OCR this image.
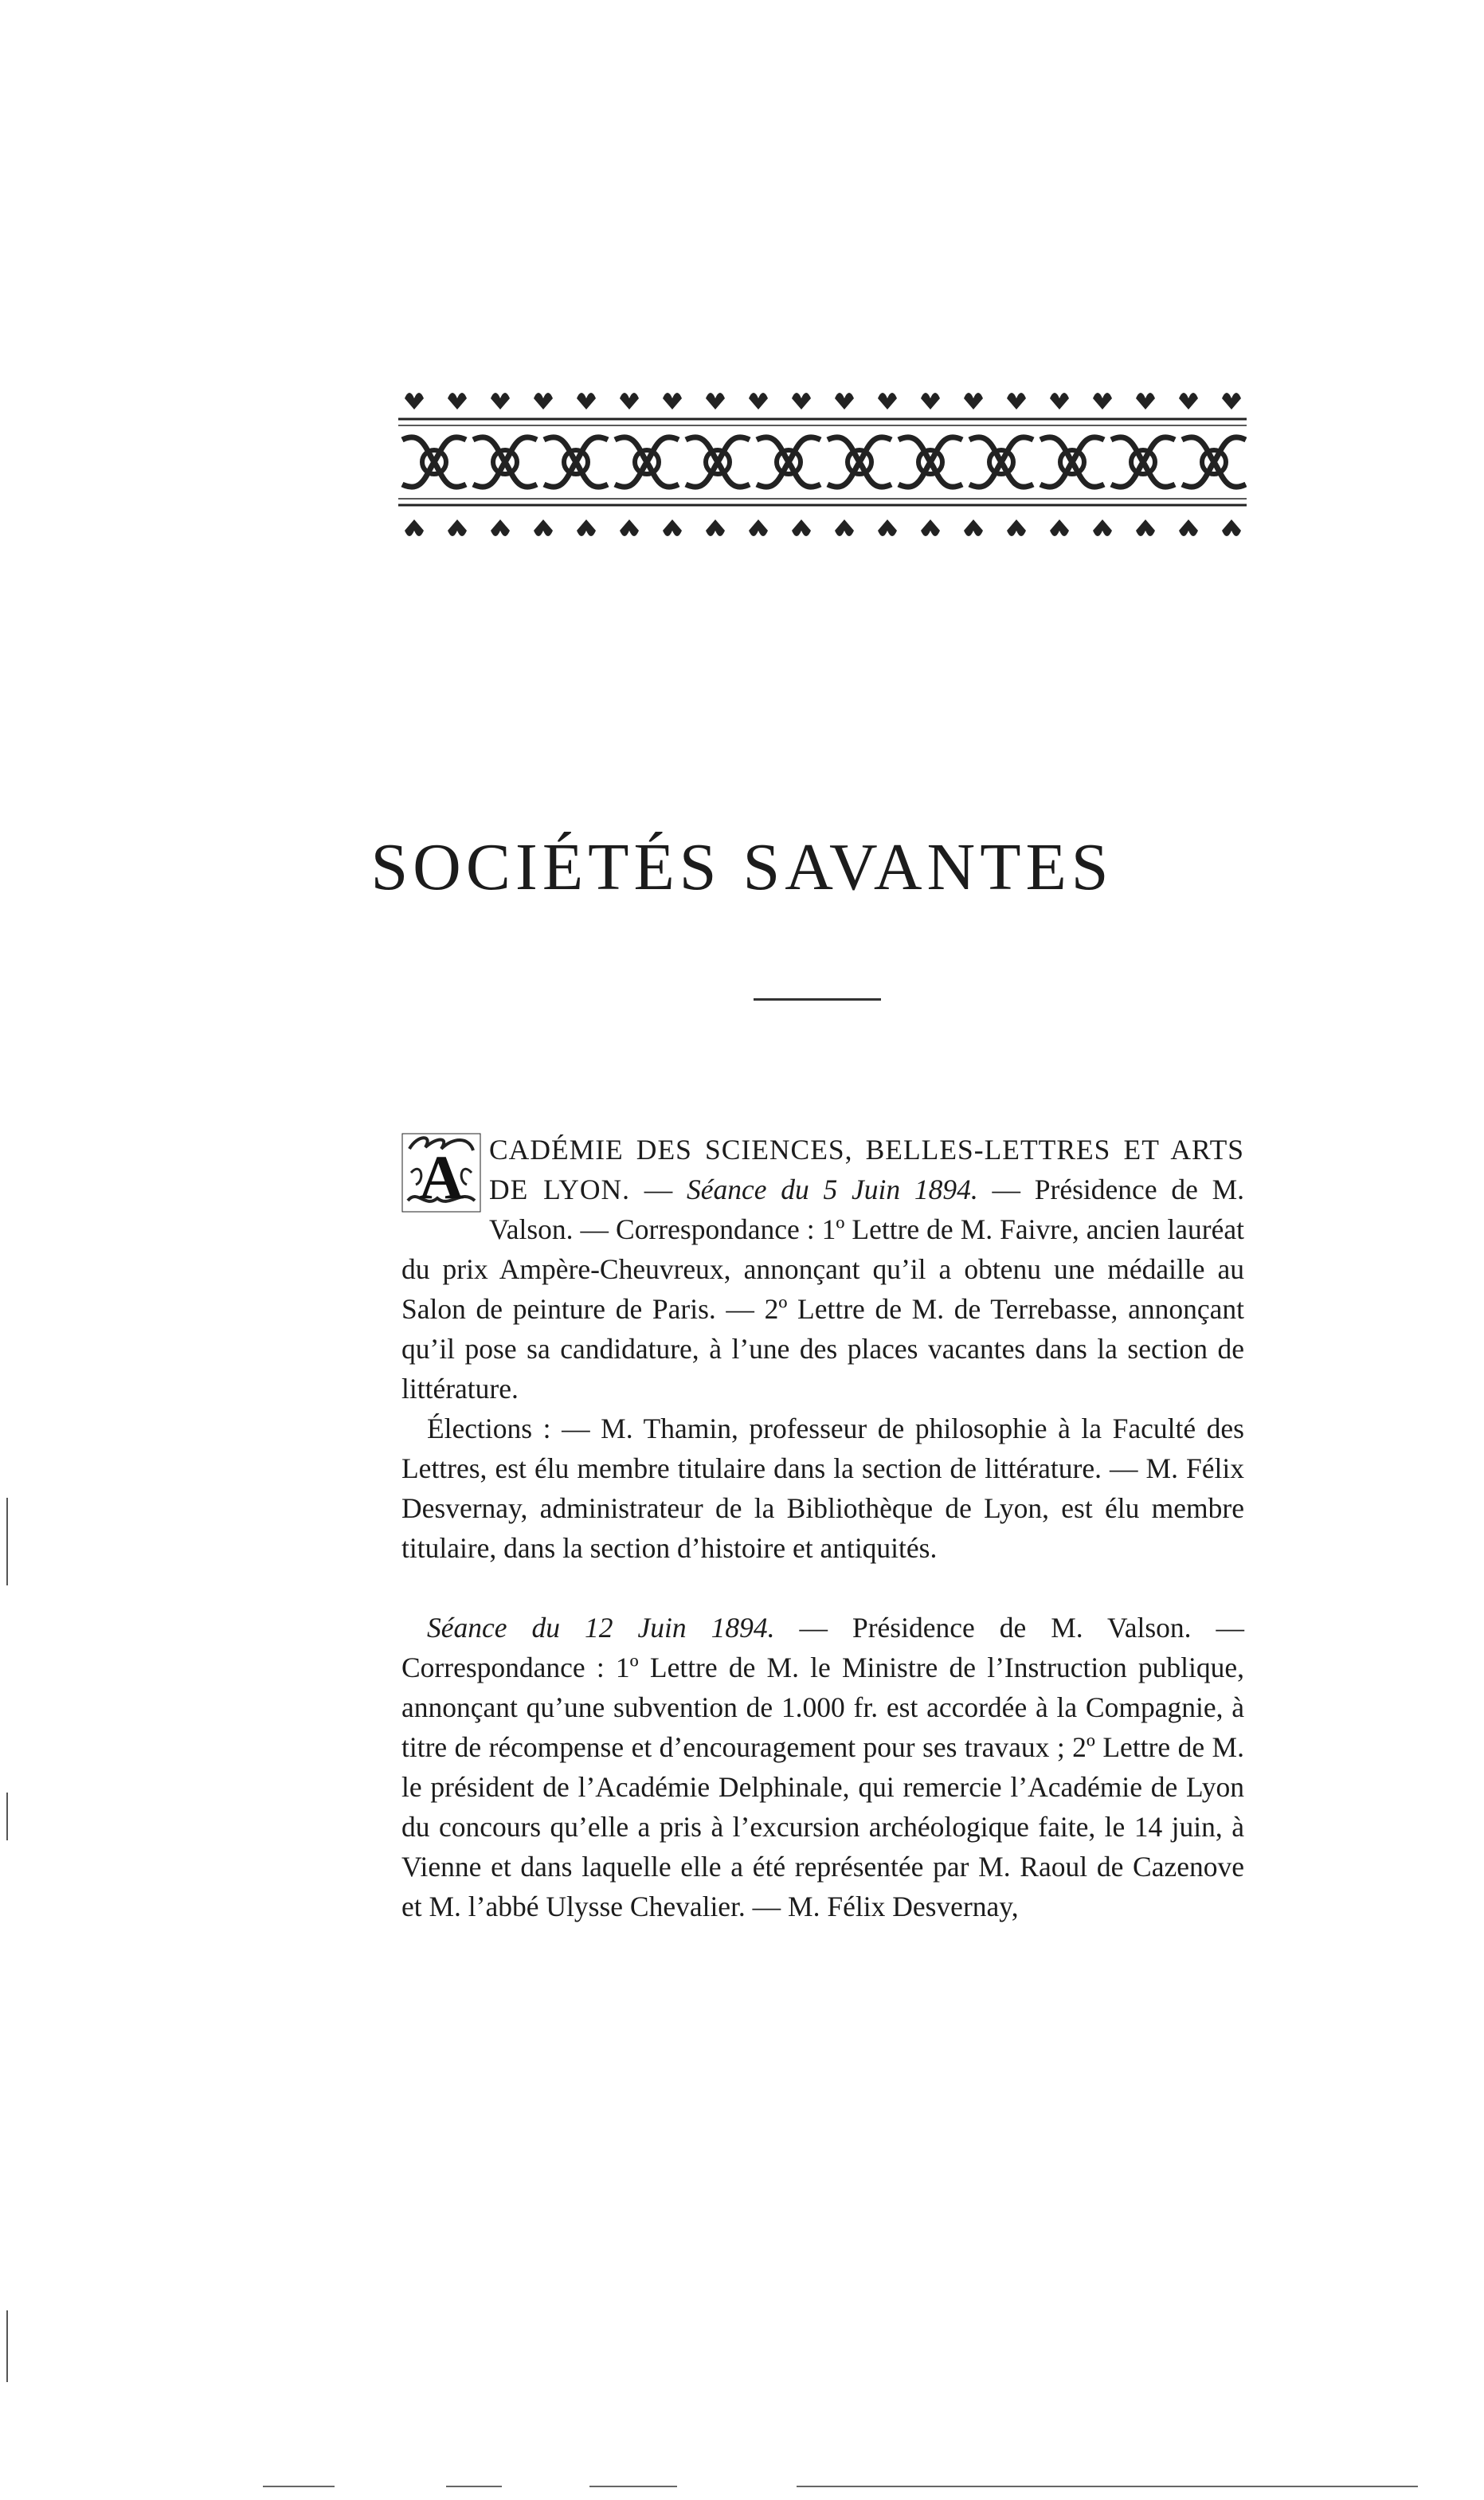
SOCIÉTÉS SAVANTES

A CADÉMIE DES SCIENCES, BELLES-LETTRES ET ARTS DE LYON. — Séance du 5 Juin 1894. — Présidence de M. Valson. — Correspondance : 1º Lettre de M. Faivre, ancien lauréat du prix Ampère-Cheuvreux, annonçant qu’il a obtenu une médaille au Salon de peinture de Paris. — 2º Lettre de M. de Terrebasse, annonçant qu’il pose sa candidature, à l’une des places vacantes dans la section de littérature.

Élections : — M. Thamin, professeur de philosophie à la Faculté des Lettres, est élu membre titulaire dans la section de littérature. — M. Félix Desvernay, administrateur de la Bibliothèque de Lyon, est élu membre titulaire, dans la section d’histoire et antiquités.

Séance du 12 Juin 1894. — Présidence de M. Valson. — Correspondance : 1º Lettre de M. le Ministre de l’Instruction publique, annonçant qu’une subvention de 1.000 fr. est accordée à la Compagnie, à titre de récompense et d’encouragement pour ses travaux ; 2º Lettre de M. le président de l’Académie Delphinale, qui remercie l’Académie de Lyon du concours qu’elle a pris à l’excursion archéologique faite, le 14 juin, à Vienne et dans laquelle elle a été représentée par M. Raoul de Cazenove et M. l’abbé Ulysse Chevalier. — M. Félix Desvernay,
